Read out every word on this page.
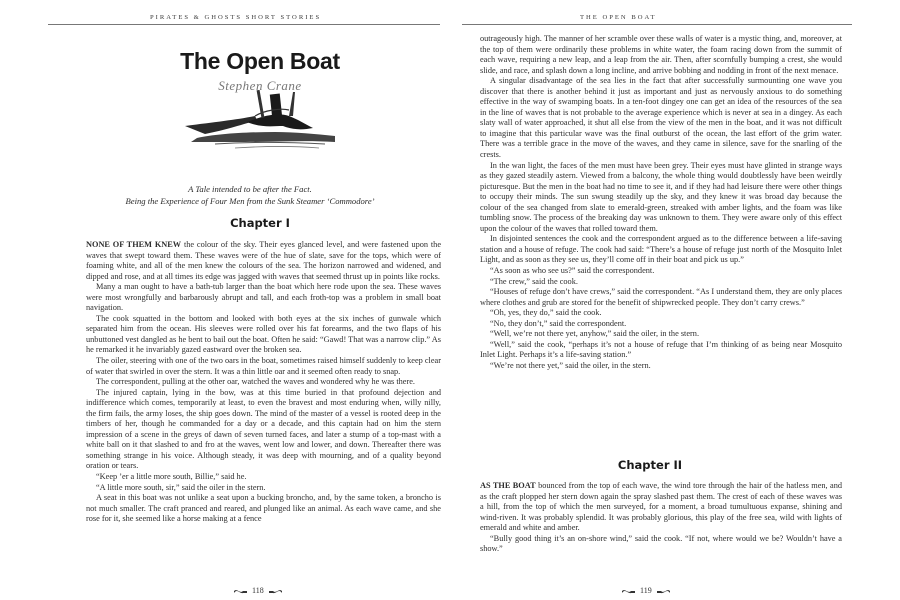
PIRATES & GHOSTS SHORT STORIES
The Open Boat
Stephen Crane
A Tale intended to be after the Fact.
Being the Experience of Four Men from the Sunk Steamer ‘Commodore’
Chapter I

NONE OF THEM KNEW the colour of the sky. Their eyes glanced level, and were fastened upon the waves that swept toward them. These waves were of the hue of slate, save for the tops, which were of foaming white, and all of the men knew the colours of the sea. The horizon narrowed and widened, and dipped and rose, and at all times its edge was jagged with waves that seemed thrust up in points like rocks.

Many a man ought to have a bath-tub larger than the boat which here rode upon the sea. These waves were most wrongfully and barbarously abrupt and tall, and each froth-top was a problem in small boat navigation.

The cook squatted in the bottom and looked with both eyes at the six inches of gunwale which separated him from the ocean. His sleeves were rolled over his fat forearms, and the two flaps of his unbuttoned vest dangled as he bent to bail out the boat. Often he said: “Gawd! That was a narrow clip.” As he remarked it he invariably gazed eastward over the broken sea.

The oiler, steering with one of the two oars in the boat, sometimes raised himself suddenly to keep clear of water that swirled in over the stern. It was a thin little oar and it seemed often ready to snap.

The correspondent, pulling at the other oar, watched the waves and wondered why he was there.

The injured captain, lying in the bow, was at this time buried in that profound dejection and indifference which comes, temporarily at least, to even the bravest and most enduring when, willy nilly, the firm fails, the army loses, the ship goes down. The mind of the master of a vessel is rooted deep in the timbers of her, though he commanded for a day or a decade, and this captain had on him the stern impression of a scene in the greys of dawn of seven turned faces, and later a stump of a top-mast with a white ball on it that slashed to and fro at the waves, went low and lower, and down. Thereafter there was something strange in his voice. Although steady, it was deep with mourning, and of a quality beyond oration or tears.

“Keep ’er a little more south, Billie,” said he.

“A little more south, sir,” said the oiler in the stern.

A seat in this boat was not unlike a seat upon a bucking broncho, and, by the same token, a broncho is not much smaller. The craft pranced and reared, and plunged like an animal. As each wave came, and she rose for it, she seemed like a horse making at a fence

118
THE OPEN BOAT

outrageously high. The manner of her scramble over these walls of water is a mystic thing, and, moreover, at the top of them were ordinarily these problems in white water, the foam racing down from the summit of each wave, requiring a new leap, and a leap from the air. Then, after scornfully bumping a crest, she would slide, and race, and splash down a long incline, and arrive bobbing and nodding in front of the next menace.

A singular disadvantage of the sea lies in the fact that after successfully surmounting one wave you discover that there is another behind it just as important and just as nervously anxious to do something effective in the way of swamping boats. In a ten-foot dingey one can get an idea of the resources of the sea in the line of waves that is not probable to the average experience which is never at sea in a dingey. As each slaty wall of water approached, it shut all else from the view of the men in the boat, and it was not difficult to imagine that this particular wave was the final outburst of the ocean, the last effort of the grim water. There was a terrible grace in the move of the waves, and they came in silence, save for the snarling of the crests.

In the wan light, the faces of the men must have been grey. Their eyes must have glinted in strange ways as they gazed steadily astern. Viewed from a balcony, the whole thing would doubtlessly have been weirdly picturesque. But the men in the boat had no time to see it, and if they had had leisure there were other things to occupy their minds. The sun swung steadily up the sky, and they knew it was broad day because the colour of the sea changed from slate to emerald-green, streaked with amber lights, and the foam was like tumbling snow. The process of the breaking day was unknown to them. They were aware only of this effect upon the colour of the waves that rolled toward them.

In disjointed sentences the cook and the correspondent argued as to the difference between a life-saving station and a house of refuge. The cook had said: “There’s a house of refuge just north of the Mosquito Inlet Light, and as soon as they see us, they’ll come off in their boat and pick us up.”

“As soon as who see us?” said the correspondent.

“The crew,” said the cook.

“Houses of refuge don’t have crews,” said the correspondent. “As I understand them, they are only places where clothes and grub are stored for the benefit of shipwrecked people. They don’t carry crews.”

“Oh, yes, they do,” said the cook.

“No, they don’t,” said the correspondent.

“Well, we’re not there yet, anyhow,” said the oiler, in the stern.

“Well,” said the cook, “perhaps it’s not a house of refuge that I’m thinking of as being near Mosquito Inlet Light. Perhaps it’s a life-saving station.”

“We’re not there yet,” said the oiler, in the stern.

Chapter II

AS THE BOAT bounced from the top of each wave, the wind tore through the hair of the hatless men, and as the craft plopped her stern down again the spray slashed past them. The crest of each of these waves was a hill, from the top of which the men surveyed, for a moment, a broad tumultuous expanse, shining and wind-riven. It was probably splendid. It was probably glorious, this play of the free sea, wild with lights of emerald and white and amber.

“Bully good thing it’s an on-shore wind,” said the cook. “If not, where would we be? Wouldn’t have a show.”

119
